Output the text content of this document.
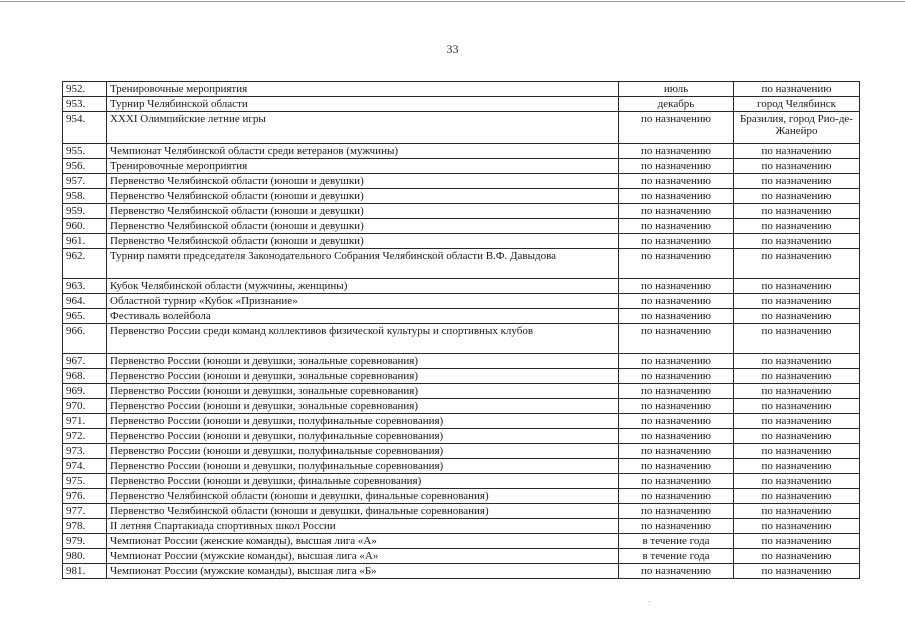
33
952.	Тренировочные мероприятия	июль	по назначению
953.	Турнир Челябинской области	декабрь	город Челябинск
954.	XXXI Олимпийские летние игры	по назначению	Бразилия, город Рио-де-Жанейро
955.	Чемпионат Челябинской области среди ветеранов (мужчины)	по назначению	по назначению
956.	Тренировочные мероприятия	по назначению	по назначению
957.	Первенство Челябинской области (юноши и девушки)	по назначению	по назначению
958.	Первенство Челябинской области (юноши и девушки)	по назначению	по назначению
959.	Первенство Челябинской области (юноши и девушки)	по назначению	по назначению
960.	Первенство Челябинской области (юноши и девушки)	по назначению	по назначению
961.	Первенство Челябинской области (юноши и девушки)	по назначению	по назначению
962.	Турнир памяти председателя Законодательного Собрания Челябинской области В.Ф. Давыдова	по назначению	по назначению
963.	Кубок Челябинской области (мужчины, женщины)	по назначению	по назначению
964.	Областной турнир «Кубок «Признание»	по назначению	по назначению
965.	Фестиваль волейбола	по назначению	по назначению
966.	Первенство России среди команд коллективов физической культуры и спортивных клубов	по назначению	по назначению
967.	Первенство России (юноши и девушки, зональные соревнования)	по назначению	по назначению
968.	Первенство России (юноши и девушки, зональные соревнования)	по назначению	по назначению
969.	Первенство России (юноши и девушки, зональные соревнования)	по назначению	по назначению
970.	Первенство России (юноши и девушки, зональные соревнования)	по назначению	по назначению
971.	Первенство России (юноши и девушки, полуфинальные соревнования)	по назначению	по назначению
972.	Первенство России (юноши и девушки, полуфинальные соревнования)	по назначению	по назначению
973.	Первенство России (юноши и девушки, полуфинальные соревнования)	по назначению	по назначению
974.	Первенство России (юноши и девушки, полуфинальные соревнования)	по назначению	по назначению
975.	Первенство России (юноши и девушки, финальные соревнования)	по назначению	по назначению
976.	Первенство Челябинской области (юноши и девушки, финальные соревнования)	по назначению	по назначению
977.	Первенство Челябинской области (юноши и девушки, финальные соревнования)	по назначению	по назначению
978.	II летняя Спартакиада спортивных школ России	по назначению	по назначению
979.	Чемпионат России (женские команды), высшая лига «А»	в течение года	по назначению
980.	Чемпионат России (мужские команды), высшая лига «А»	в течение года	по назначению
981.	Чемпионат России (мужские команды), высшая лига «Б»	по назначению	по назначению
-
